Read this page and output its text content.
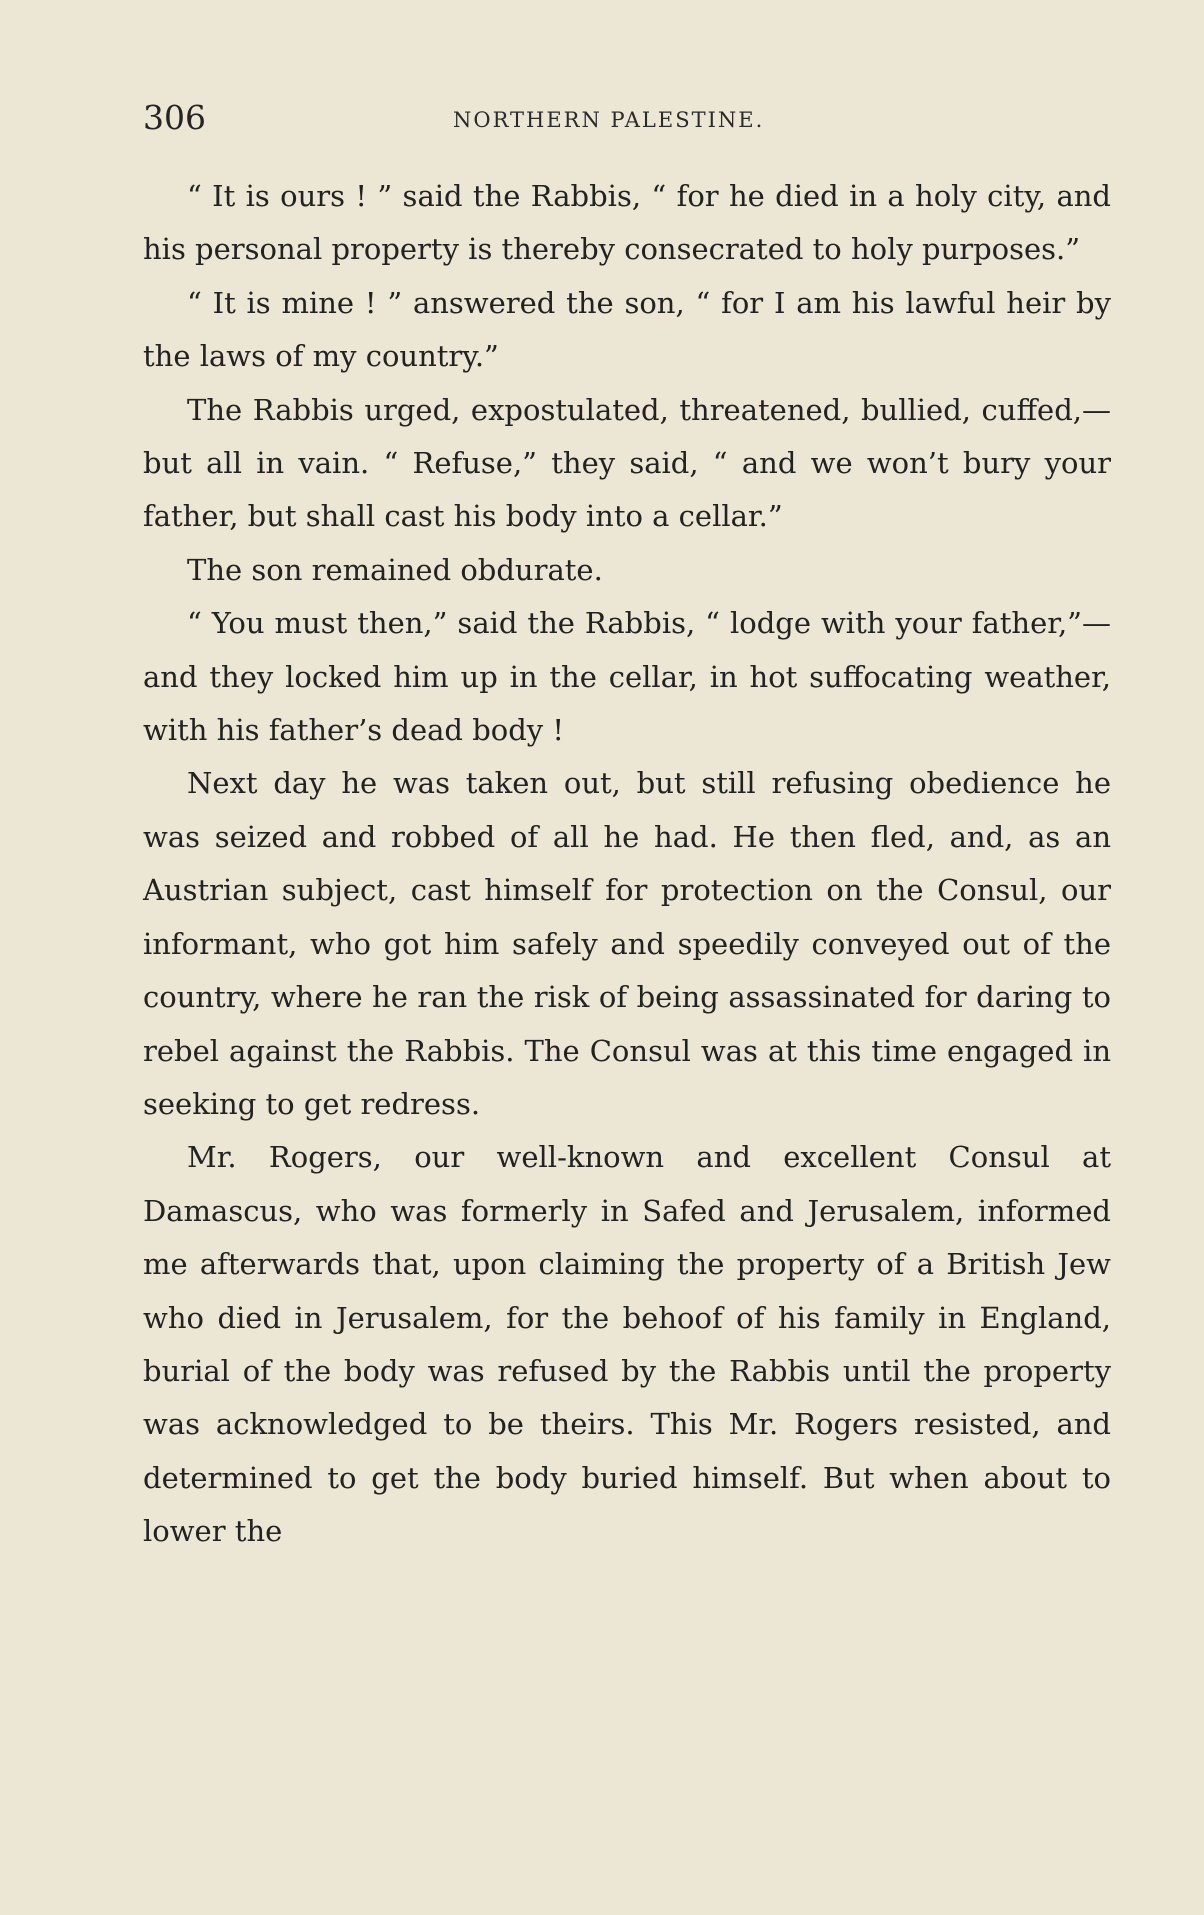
306	NORTHERN PALESTINE.

“ It is ours ! ” said the Rabbis, “ for he died in a holy city, and his personal property is thereby consecrated to holy purposes.”

“ It is mine ! ” answered the son, “ for I am his lawful heir by the laws of my country.”

The Rabbis urged, expostulated, threatened, bullied, cuffed,—but all in vain. “ Refuse,” they said, “ and we won’t bury your father, but shall cast his body into a cellar.”

The son remained obdurate.

“ You must then,” said the Rabbis, “ lodge with your father,”—and they locked him up in the cellar, in hot suffocating weather, with his father’s dead body !

Next day he was taken out, but still refusing obedience he was seized and robbed of all he had. He then fled, and, as an Austrian subject, cast himself for protection on the Consul, our informant, who got him safely and speedily conveyed out of the country, where he ran the risk of being assassinated for daring to rebel against the Rabbis. The Consul was at this time engaged in seeking to get redress.

Mr. Rogers, our well-known and excellent Consul at Damascus, who was formerly in Safed and Jerusalem, informed me afterwards that, upon claiming the property of a British Jew who died in Jerusalem, for the behoof of his family in England, burial of the body was refused by the Rabbis until the property was acknowledged to be theirs. This Mr. Rogers resisted, and determined to get the body buried himself. But when about to lower the
